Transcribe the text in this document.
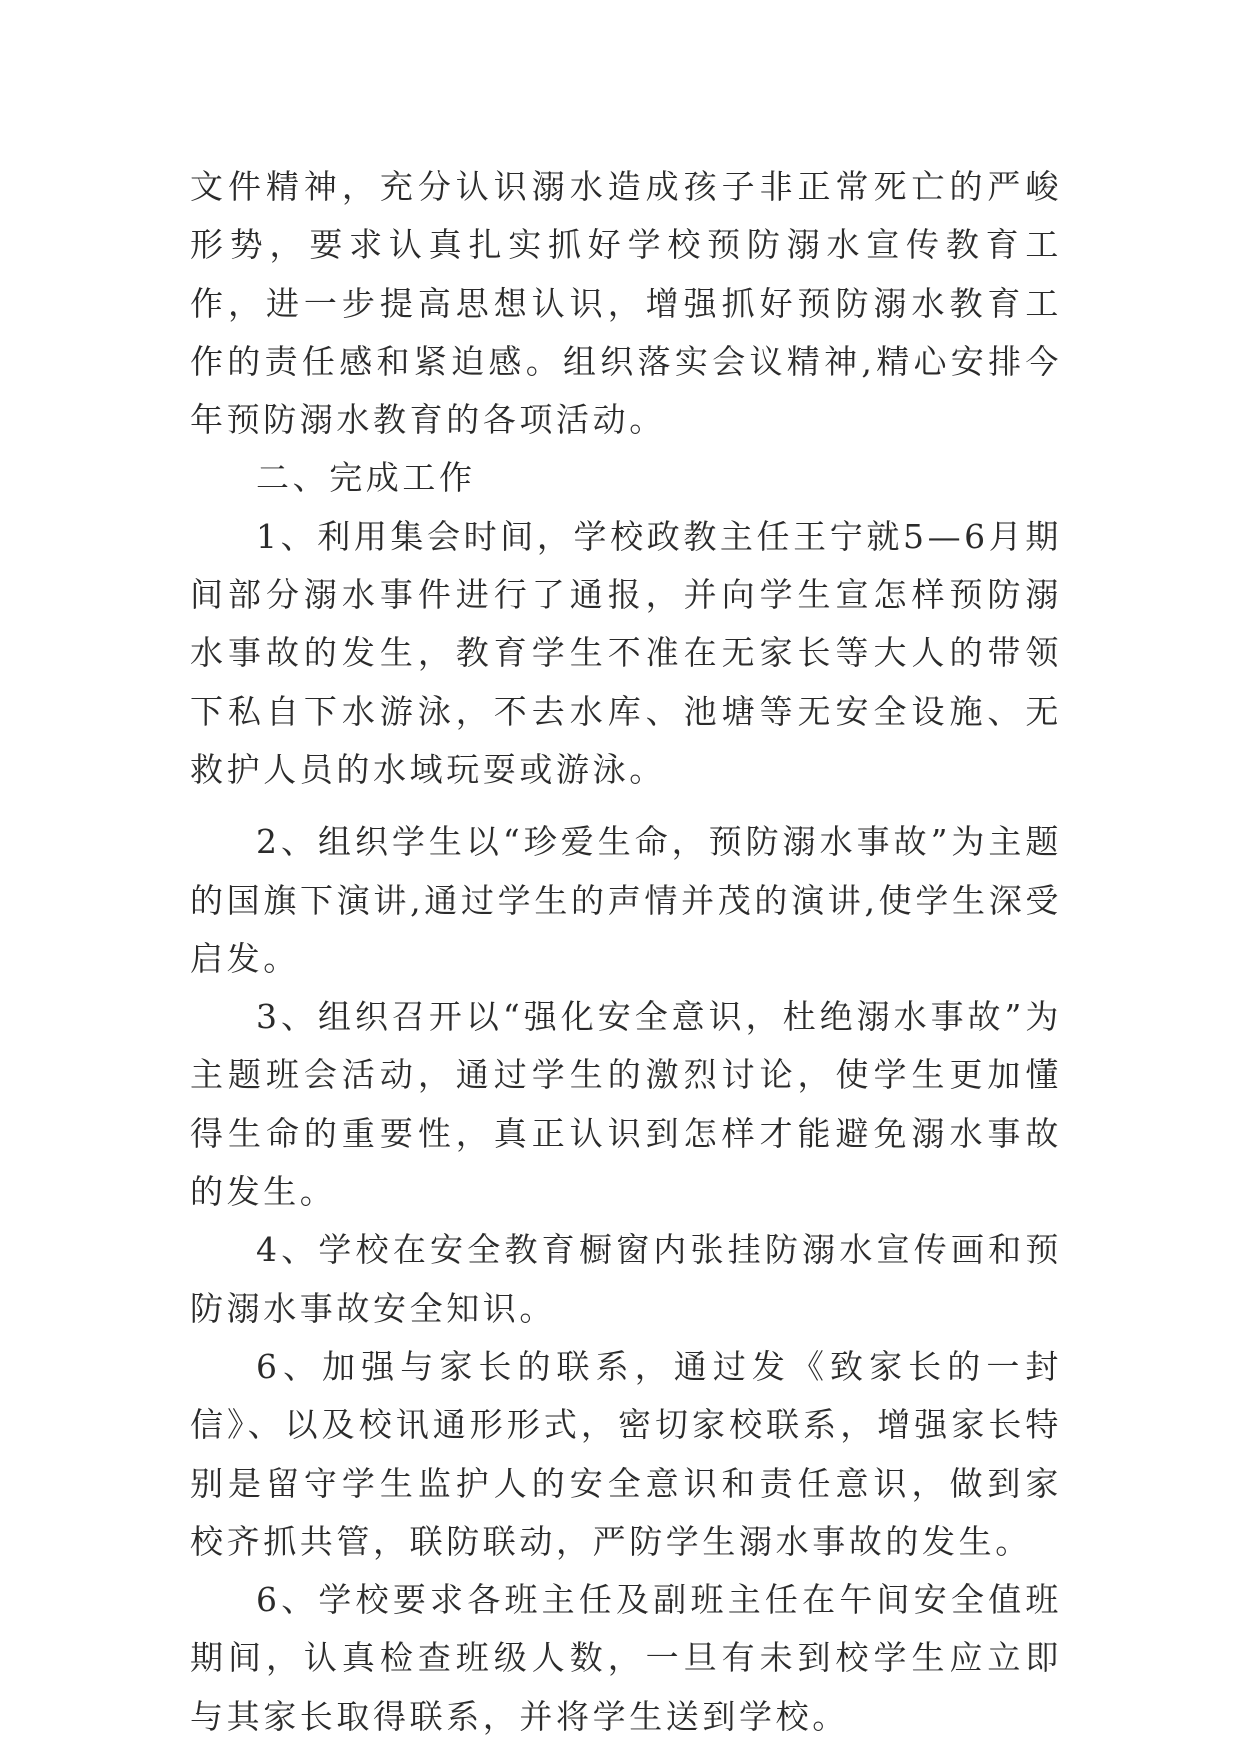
文件精神，充分认识溺水造成孩子非正常死亡的严峻形势，要求认真扎实抓好学校预防溺水宣传教育工作，进一步提高思想认识，增强抓好预防溺水教育工作的责任感和紧迫感。组织落实会议精神,精心安排今年预防溺水教育的各项活动。

二、完成工作

1、利用集会时间，学校政教主任王宁就5—6月期间部分溺水事件进行了通报，并向学生宣怎样预防溺水事故的发生，教育学生不准在无家长等大人的带领下私自下水游泳，不去水库、池塘等无安全设施、无救护人员的水域玩耍或游泳。

2、组织学生以“珍爱生命，预防溺水事故”为主题的国旗下演讲,通过学生的声情并茂的演讲,使学生深受启发。

3、组织召开以“强化安全意识，杜绝溺水事故”为主题班会活动，通过学生的激烈讨论，使学生更加懂得生命的重要性，真正认识到怎样才能避免溺水事故的发生。

4、学校在安全教育橱窗内张挂防溺水宣传画和预防溺水事故安全知识。

6、加强与家长的联系，通过发《致家长的一封信》、以及校讯通形形式，密切家校联系，增强家长特别是留守学生监护人的安全意识和责任意识，做到家校齐抓共管，联防联动，严防学生溺水事故的发生。

6、学校要求各班主任及副班主任在午间安全值班期间，认真检查班级人数，一旦有未到校学生应立即与其家长取得联系，并将学生送到学校。
